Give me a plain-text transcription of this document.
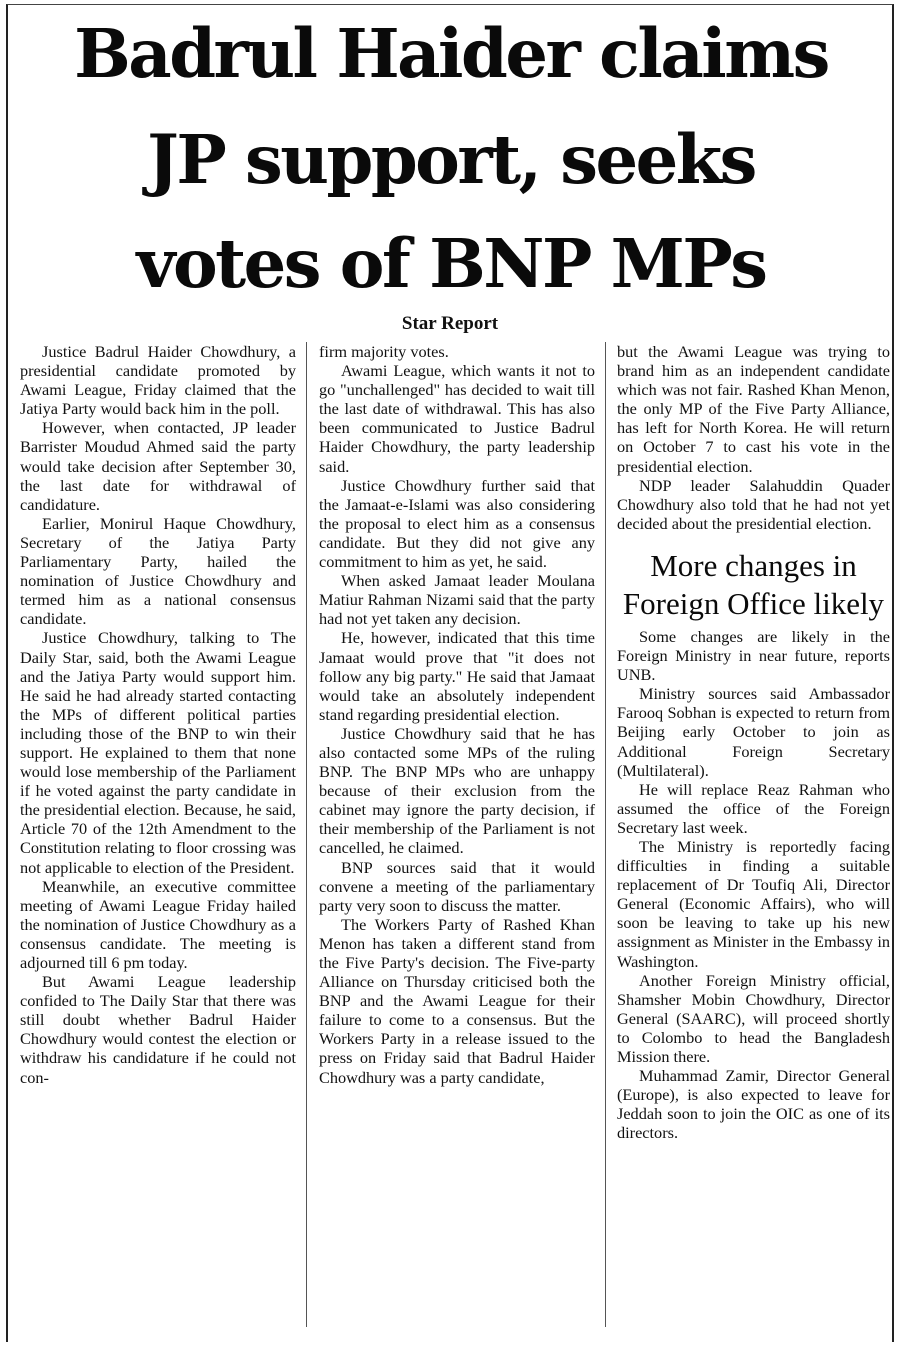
Badrul Haider claims
JP support, seeks
votes of BNP MPs
Star Report

Justice Badrul Haider Chowdhury, a presidential candidate promoted by Awami League, Friday claimed that the Jatiya Party would back him in the poll.

However, when contacted, JP leader Barrister Moudud Ahmed said the party would take decision after September 30, the last date for withdrawal of candidature.

Earlier, Monirul Haque Chowdhury, Secretary of the Jatiya Party Parliamentary Party, hailed the nomination of Justice Chowdhury and termed him as a national consensus candidate.

Justice Chowdhury, talking to The Daily Star, said, both the Awami League and the Jatiya Party would support him. He said he had already started contacting the MPs of different political parties including those of the BNP to win their support. He explained to them that none would lose membership of the Parliament if he voted against the party candidate in the presidential election. Because, he said, Article 70 of the 12th Amendment to the Constitution relating to floor crossing was not applicable to election of the President.

Meanwhile, an executive committee meeting of Awami League Friday hailed the nomination of Justice Chowdhury as a consensus candidate. The meeting is adjourned till 6 pm today.

But Awami League leadership confided to The Daily Star that there was still doubt whether Badrul Haider Chowdhury would contest the election or withdraw his candidature if he could not con-

firm majority votes.

Awami League, which wants it not to go "unchallenged" has decided to wait till the last date of withdrawal. This has also been communicated to Justice Badrul Haider Chowdhury, the party leadership said.

Justice Chowdhury further said that the Jamaat-e-Islami was also considering the proposal to elect him as a consensus candidate. But they did not give any commitment to him as yet, he said.

When asked Jamaat leader Moulana Matiur Rahman Nizami said that the party had not yet taken any decision.

He, however, indicated that this time Jamaat would prove that "it does not follow any big party." He said that Jamaat would take an absolutely independent stand regarding presidential election.

Justice Chowdhury said that he has also contacted some MPs of the ruling BNP. The BNP MPs who are unhappy because of their exclusion from the cabinet may ignore the party decision, if their membership of the Parliament is not cancelled, he claimed.

BNP sources said that it would convene a meeting of the parliamentary party very soon to discuss the matter.

The Workers Party of Rashed Khan Menon has taken a different stand from the Five Party's decision. The Five-party Alliance on Thursday criticised both the BNP and the Awami League for their failure to come to a consensus. But the Workers Party in a release issued to the press on Friday said that Badrul Haider Chowdhury was a party candidate,

but the Awami League was trying to brand him as an independent candidate which was not fair. Rashed Khan Menon, the only MP of the Five Party Alliance, has left for North Korea. He will return on October 7 to cast his vote in the presidential election.

NDP leader Salahuddin Quader Chowdhury also told that he had not yet decided about the presidential election.

More changes in Foreign Office likely

Some changes are likely in the Foreign Ministry in near future, reports UNB.

Ministry sources said Ambassador Farooq Sobhan is expected to return from Beijing early October to join as Additional Foreign Secretary (Multilateral).

He will replace Reaz Rahman who assumed the office of the Foreign Secretary last week.

The Ministry is reportedly facing difficulties in finding a suitable replacement of Dr Toufiq Ali, Director General (Economic Affairs), who will soon be leaving to take up his new assignment as Minister in the Embassy in Washington.

Another Foreign Ministry official, Shamsher Mobin Chowdhury, Director General (SAARC), will proceed shortly to Colombo to head the Bangladesh Mission there.

Muhammad Zamir, Director General (Europe), is also expected to leave for Jeddah soon to join the OIC as one of its directors.
